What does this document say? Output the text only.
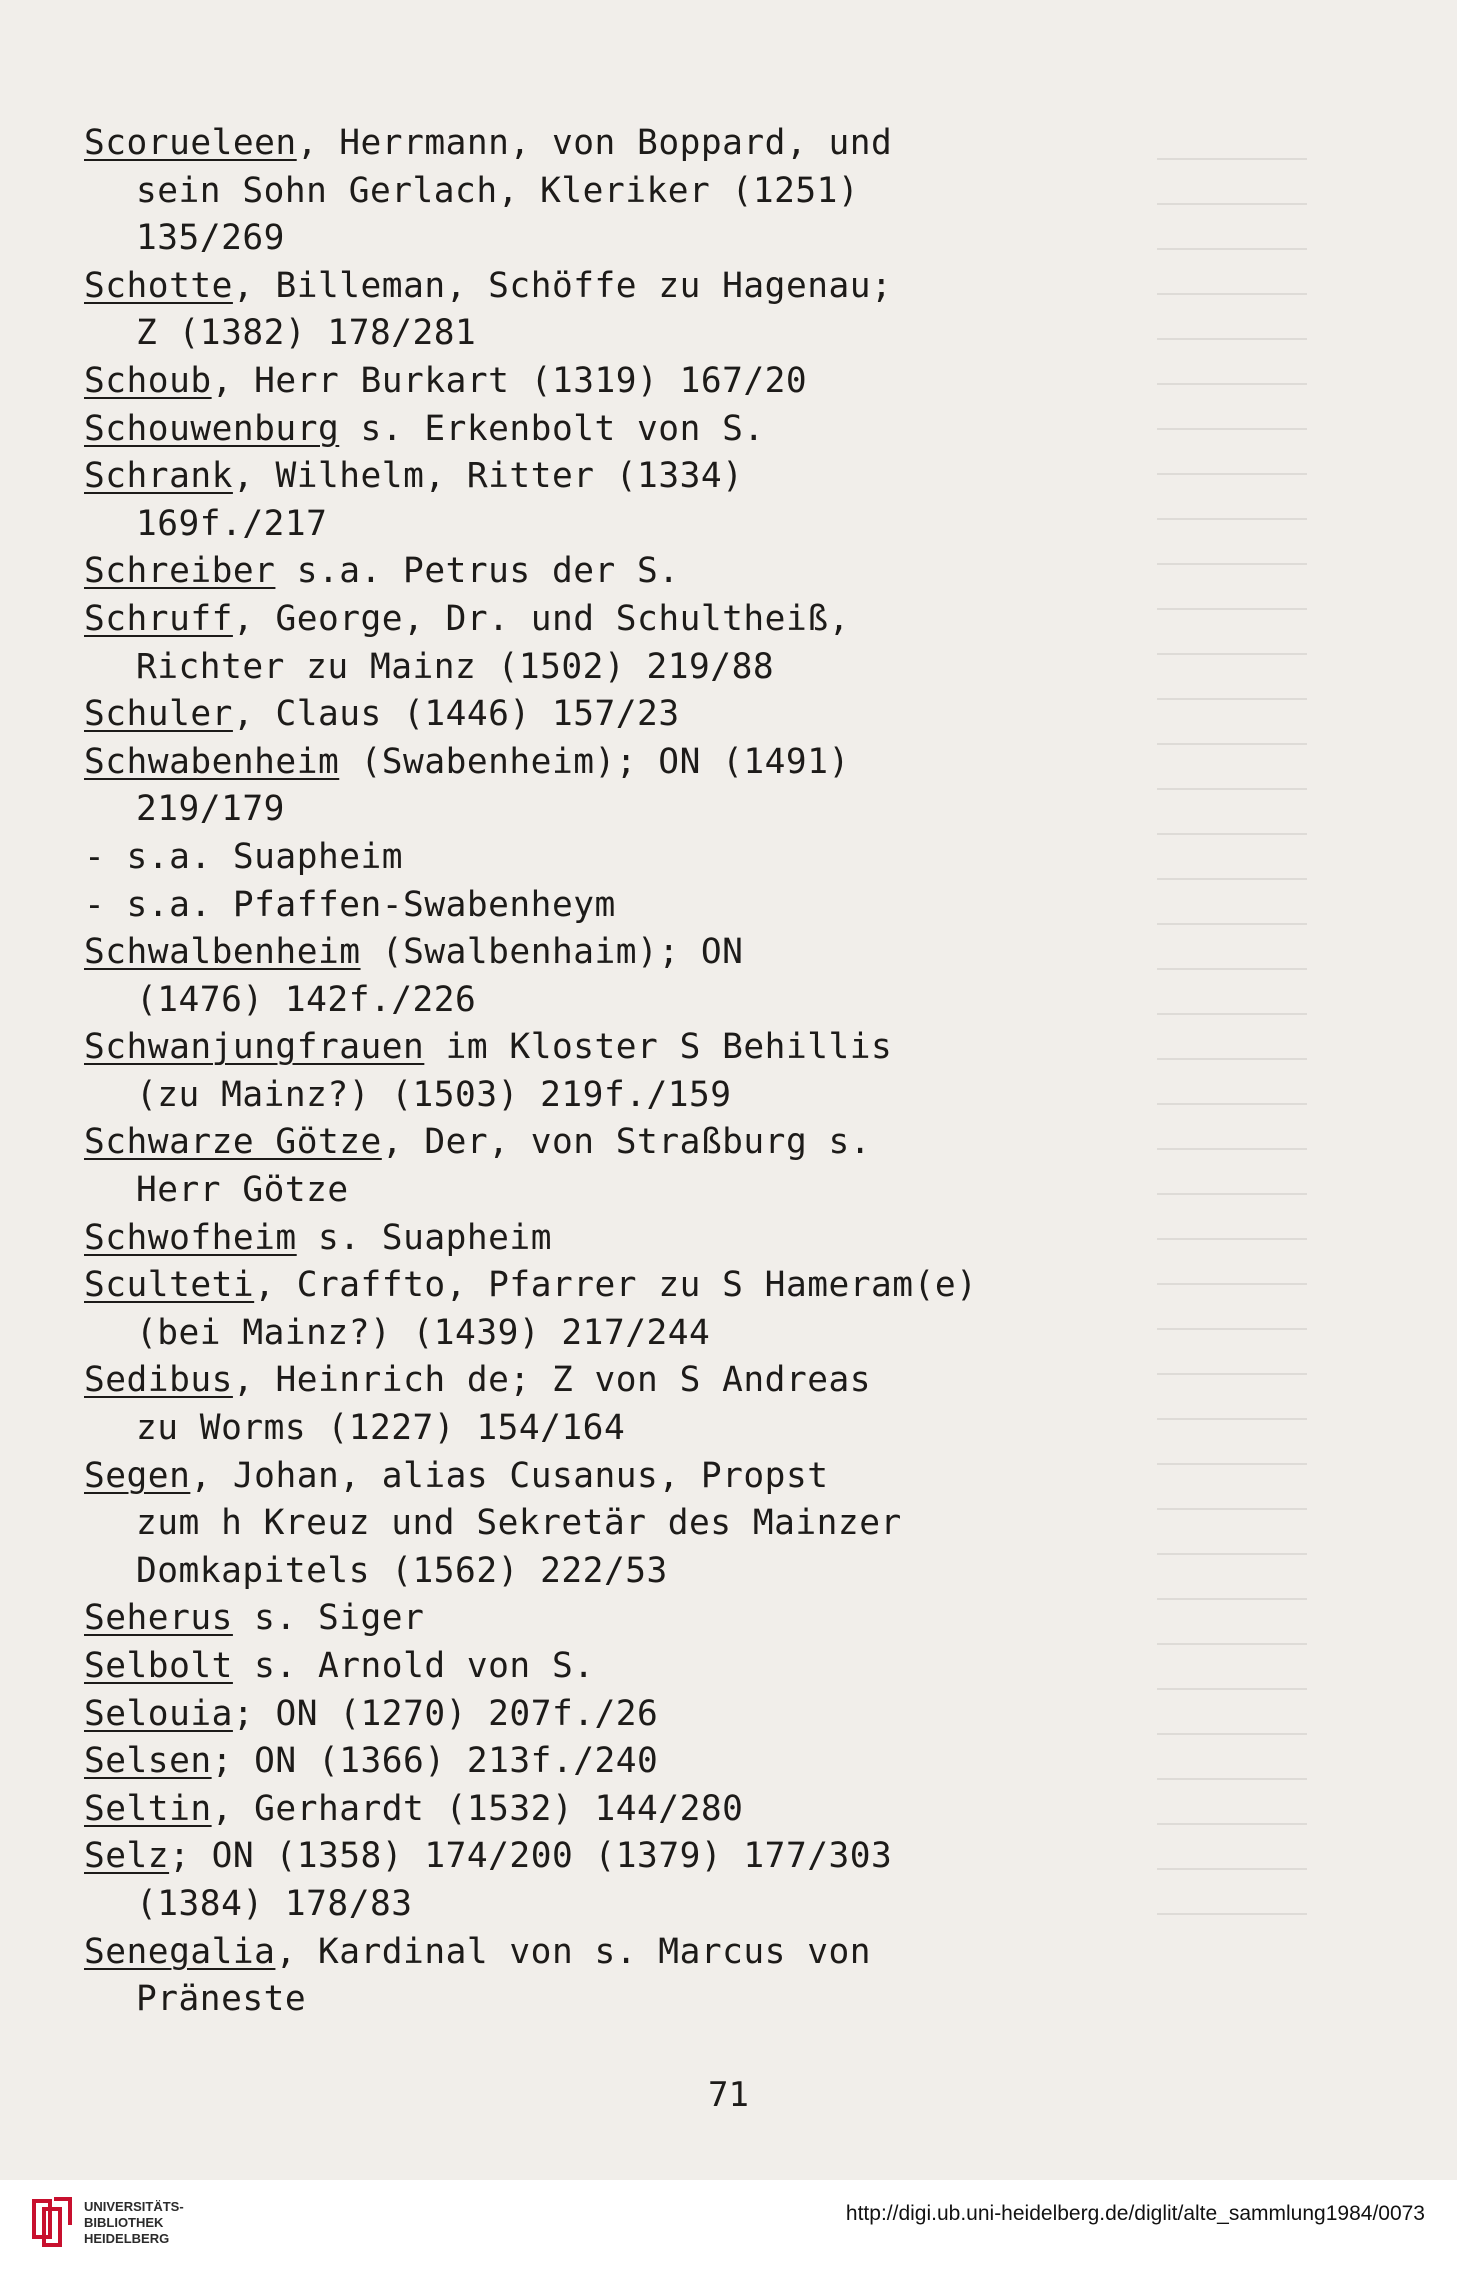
Scorueleen, Herrmann, von Boppard, und
sein Sohn Gerlach, Kleriker (1251)
135/269
Schotte, Billeman, Schöffe zu Hagenau;
Z (1382) 178/281
Schoub, Herr Burkart (1319) 167/20
Schouwenburg s. Erkenbolt von S.
Schrank, Wilhelm, Ritter (1334)
169f./217
Schreiber s.a. Petrus der S.
Schruff, George, Dr. und Schultheiß,
Richter zu Mainz (1502) 219/88
Schuler, Claus (1446) 157/23
Schwabenheim (Swabenheim); ON (1491)
219/179
- s.a. Suapheim
- s.a. Pfaffen-Swabenheym
Schwalbenheim (Swalbenhaim); ON
(1476) 142f./226
Schwanjungfrauen im Kloster S Behillis
(zu Mainz?) (1503) 219f./159
Schwarze Götze, Der, von Straßburg s.
Herr Götze
Schwofheim s. Suapheim
Sculteti, Craffto, Pfarrer zu S Hameram(e)
(bei Mainz?) (1439) 217/244
Sedibus, Heinrich de; Z von S Andreas
zu Worms (1227) 154/164
Segen, Johan, alias Cusanus, Propst
zum h Kreuz und Sekretär des Mainzer
Domkapitels (1562) 222/53
Seherus s. Siger
Selbolt s. Arnold von S.
Selouia; ON (1270) 207f./26
Selsen; ON (1366) 213f./240
Seltin, Gerhardt (1532) 144/280
Selz; ON (1358) 174/200 (1379) 177/303
(1384) 178/83
Senegalia, Kardinal von s. Marcus von
Präneste
71
UNIVERSITÄTS-
BIBLIOTHEK
HEIDELBERG
http://digi.ub.uni-heidelberg.de/diglit/alte_sammlung1984/0073
